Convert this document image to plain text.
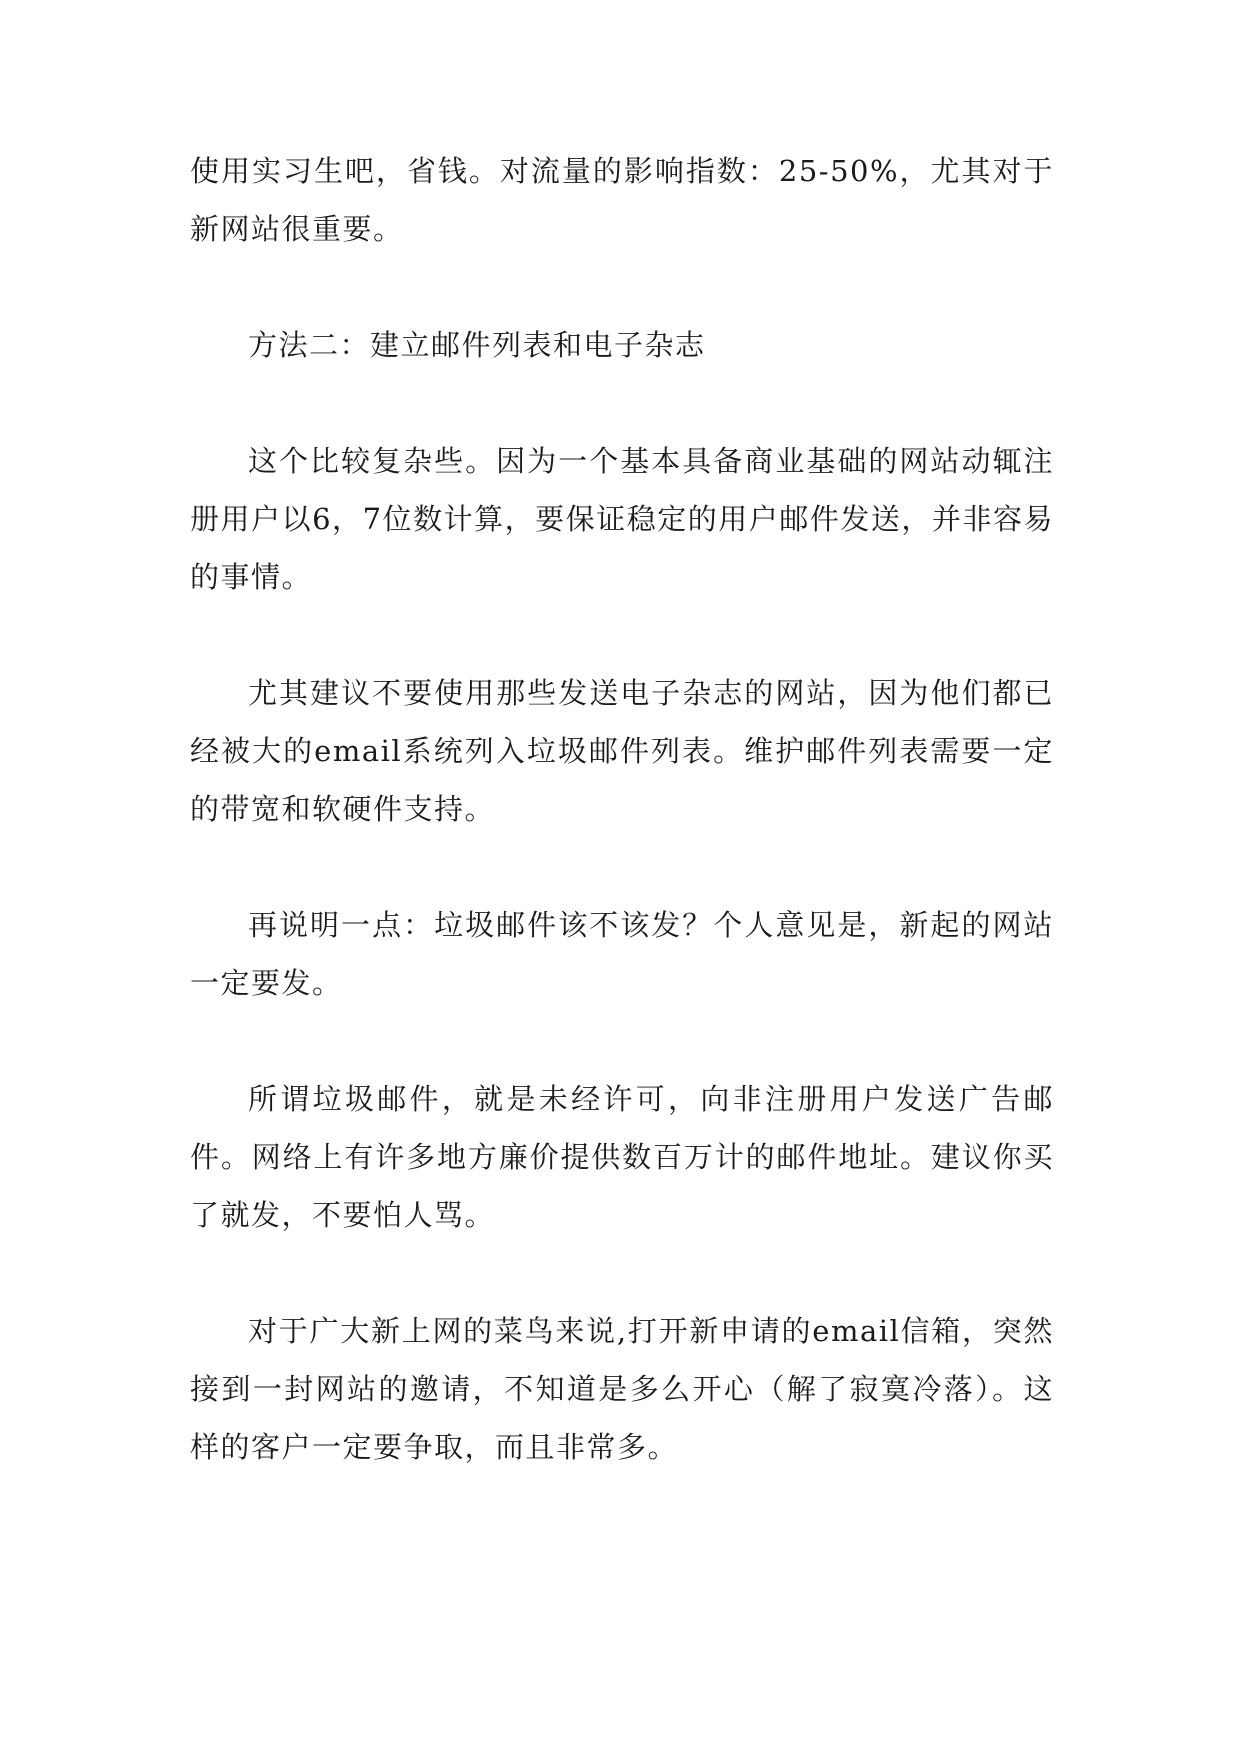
使用实习生吧，省钱。对流量的影响指数：25-50%，尤其对于新网站很重要。

方法二：建立邮件列表和电子杂志

这个比较复杂些。因为一个基本具备商业基础的网站动辄注册用户以6，7位数计算，要保证稳定的用户邮件发送，并非容易的事情。

尤其建议不要使用那些发送电子杂志的网站，因为他们都已经被大的email系统列入垃圾邮件列表。维护邮件列表需要一定的带宽和软硬件支持。

再说明一点：垃圾邮件该不该发？个人意见是，新起的网站一定要发。

所谓垃圾邮件，就是未经许可，向非注册用户发送广告邮件。网络上有许多地方廉价提供数百万计的邮件地址。建议你买了就发，不要怕人骂。

对于广大新上网的菜鸟来说,打开新申请的email信箱，突然接到一封网站的邀请，不知道是多么开心（解了寂寞冷落）。这样的客户一定要争取，而且非常多。
